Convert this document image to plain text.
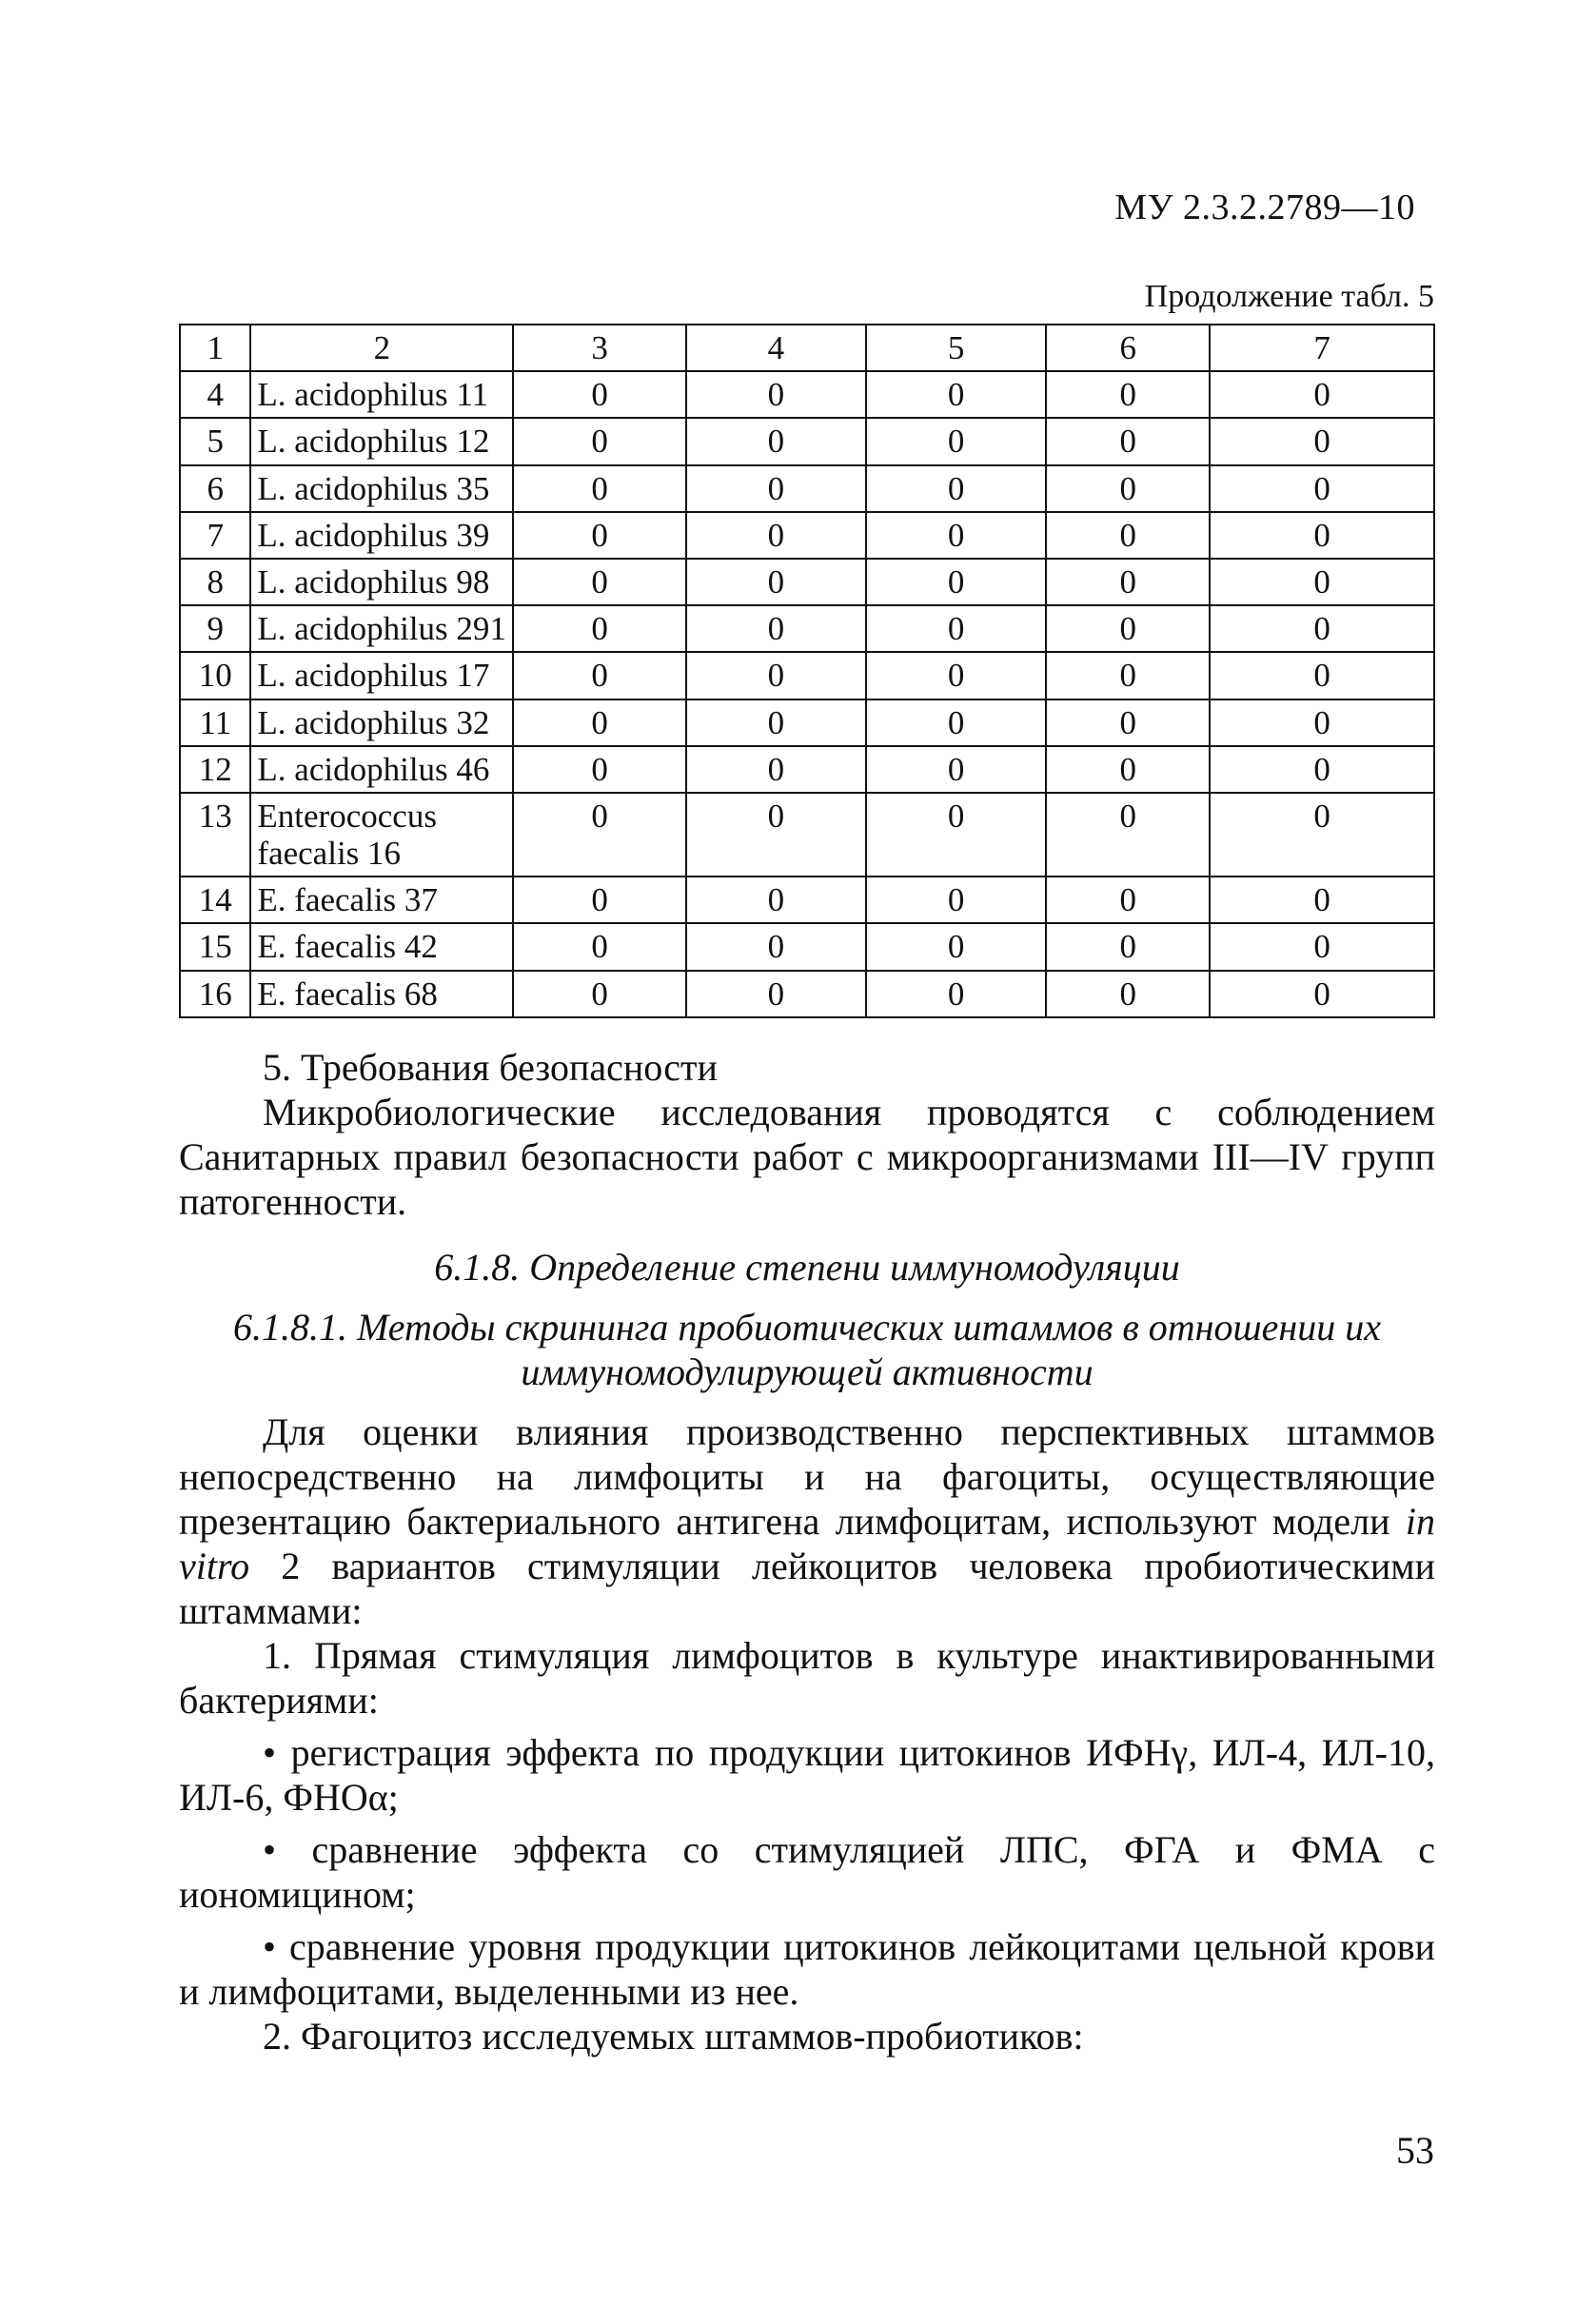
МУ 2.3.2.2789—10
Продолжение табл. 5
1	2	3	4	5	6	7
4	L. acidophilus 11	0	0	0	0	0
5	L. acidophilus 12	0	0	0	0	0
6	L. acidophilus 35	0	0	0	0	0
7	L. acidophilus 39	0	0	0	0	0
8	L. acidophilus 98	0	0	0	0	0
9	L. acidophilus 291	0	0	0	0	0
10	L. acidophilus 17	0	0	0	0	0
11	L. acidophilus 32	0	0	0	0	0
12	L. acidophilus 46	0	0	0	0	0
13	Enterococcus faecalis 16	0	0	0	0	0
14	E. faecalis 37	0	0	0	0	0
15	E. faecalis 42	0	0	0	0	0
16	E. faecalis 68	0	0	0	0	0

5. Требования безопасности

Микробиологические исследования проводятся с соблюдением Санитарных правил безопасности работ с микроорганизмами III—IV групп патогенности.

6.1.8. Определение степени иммуномодуляции

6.1.8.1. Методы скрининга пробиотических штаммов в отношении их иммуномодулирующей активности

Для оценки влияния производственно перспективных штаммов непосредственно на лимфоциты и на фагоциты, осуществляющие презентацию бактериального антигена лимфоцитам, используют модели in vitro 2 вариантов стимуляции лейкоцитов человека пробиотическими штаммами:

1. Прямая стимуляция лимфоцитов в культуре инактивированными бактериями:

• регистрация эффекта по продукции цитокинов ИФНγ, ИЛ-4, ИЛ-10, ИЛ-6, ФНОα;

• сравнение эффекта со стимуляцией ЛПС, ФГА и ФМА с иономицином;

• сравнение уровня продукции цитокинов лейкоцитами цельной крови и лимфоцитами, выделенными из нее.

2. Фагоцитоз исследуемых штаммов-пробиотиков:

53
